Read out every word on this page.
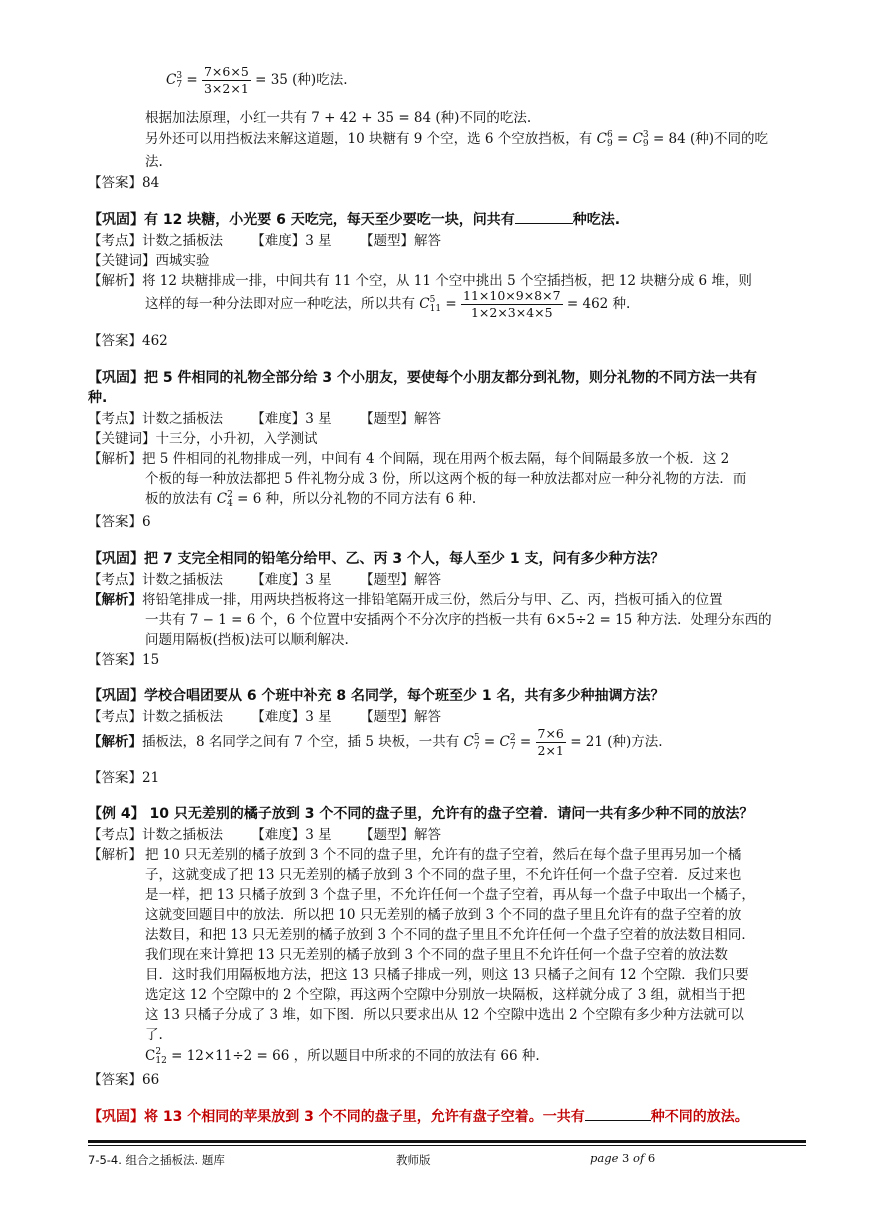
C 3
$7 = \frac{7\times 6\times 5}{3\times 2\times 1} = 35$ (种)吃法.
根据加法原理，小红一共有 7 + 42 + 35 = 84 (种)不同的吃法.
另外还可以用挡板法来解这道题，10 块糖有 9 个空，选 6 个空放挡板，有 C 6
9 = C 3
9 = 84 (种)不同的吃
法.
【答案】84
【巩固】有 12 块糖，小光要 6 天吃完，每天至少要吃一块，问共有	种吃法.
【考点】计数之插板法 【难度】3 星 【题型】解答
【关键词】西城实验
【解析】将 12 块糖排成一排，中间共有 11 个空，从 11 个空中挑出 5 个空插挡板，把 12 块糖分成 6 堆，则
这样的每一种分法即对应一种吃法，所以共有 C 5
$11 = \frac{11\times 10\times 9\times 8\times 7}{1\times 2\times 3\times 4\times 5} = 462$ 种.
【答案】462
【巩固】把 5 件相同的礼物全部分给 3 个小朋友，要使每个小朋友都分到礼物，则分礼物的不同方法一共有
种.
【考点】计数之插板法 【难度】3 星 【题型】解答
【关键词】十三分，小升初，入学测试
【解析】把 5 件相同的礼物排成一列，中间有 4 个间隔，现在用两个板去隔，每个间隔最多放一个板．这 2
个板的每一种放法都把 5 件礼物分成 3 份，所以这两个板的每一种放法都对应一种分礼物的方法．而
板的放法有 C 2
4 = 6 种，所以分礼物的不同方法有 6 种.
【答案】6
【巩固】把 7 支完全相同的铅笔分给甲、乙、丙 3 个人，每人至少 1 支，问有多少种方法？
【考点】计数之插板法 【难度】3 星 【题型】解答
【解析】将铅笔排成一排，用两块挡板将这一排铅笔隔开成三份，然后分与甲、乙、丙，挡板可插入的位置
一共有 7 − 1 = 6 个，6 个位置中安插两个不分次序的挡板一共有 6×5÷2 = 15 种方法．处理分东西的
问题用隔板(挡板)法可以顺利解决.
【答案】15
【巩固】学校合唱团要从 6 个班中补充 8 名同学，每个班至少 1 名，共有多少种抽调方法？
【考点】计数之插板法 【难度】3 星 【题型】解答
【解析】插板法，8 名同学之间有 7 个空，插 5 块板，一共有 C 5
7 = C 2
$7 = \frac{7\times 6}{2\times 1} = 21$ (种)方法.
【答案】21
【例 4】 10 只无差别的橘子放到 3 个不同的盘子里，允许有的盘子空着．请问一共有多少种不同的放法？
【考点】计数之插板法 【难度】3 星 【题型】解答
【解析】 把 10 只无差别的橘子放到 3 个不同的盘子里，允许有的盘子空着，然后在每个盘子里再另加一个橘
子，这就变成了把 13 只无差别的橘子放到 3 个不同的盘子里，不允许任何一个盘子空着．反过来也
是一样，把 13 只橘子放到 3 个盘子里，不允许任何一个盘子空着，再从每一个盘子中取出一个橘子，
这就变回题目中的放法．所以把 10 只无差别的橘子放到 3 个不同的盘子里且允许有的盘子空着的放
法数目，和把 13 只无差别的橘子放到 3 个不同的盘子里且不允许任何一个盘子空着的放法数目相同．
我们现在来计算把 13 只无差别的橘子放到 3 个不同的盘子里且不允许任何一个盘子空着的放法数
目．这时我们用隔板地方法，把这 13 只橘子排成一列，则这 13 只橘子之间有 12 个空隙．我们只要
选定这 12 个空隙中的 2 个空隙，再这两个空隙中分别放一块隔板，这样就分成了 3 组，就相当于把
这 13 只橘子分成了 3 堆，如下图．所以只要求出从 12 个空隙中选出 2 个空隙有多少种方法就可以
了.
C 2
12 = 12×11÷2 = 66 ，所以题目中所求的不同的放法有 66 种.
【答案】66
【巩固】将 13 个相同的苹果放到 3 个不同的盘子里，允许有盘子空着。一共有	种不同的放法。
7-5-4. 组合之插板法. 题库	教师版	page 3 of 6
